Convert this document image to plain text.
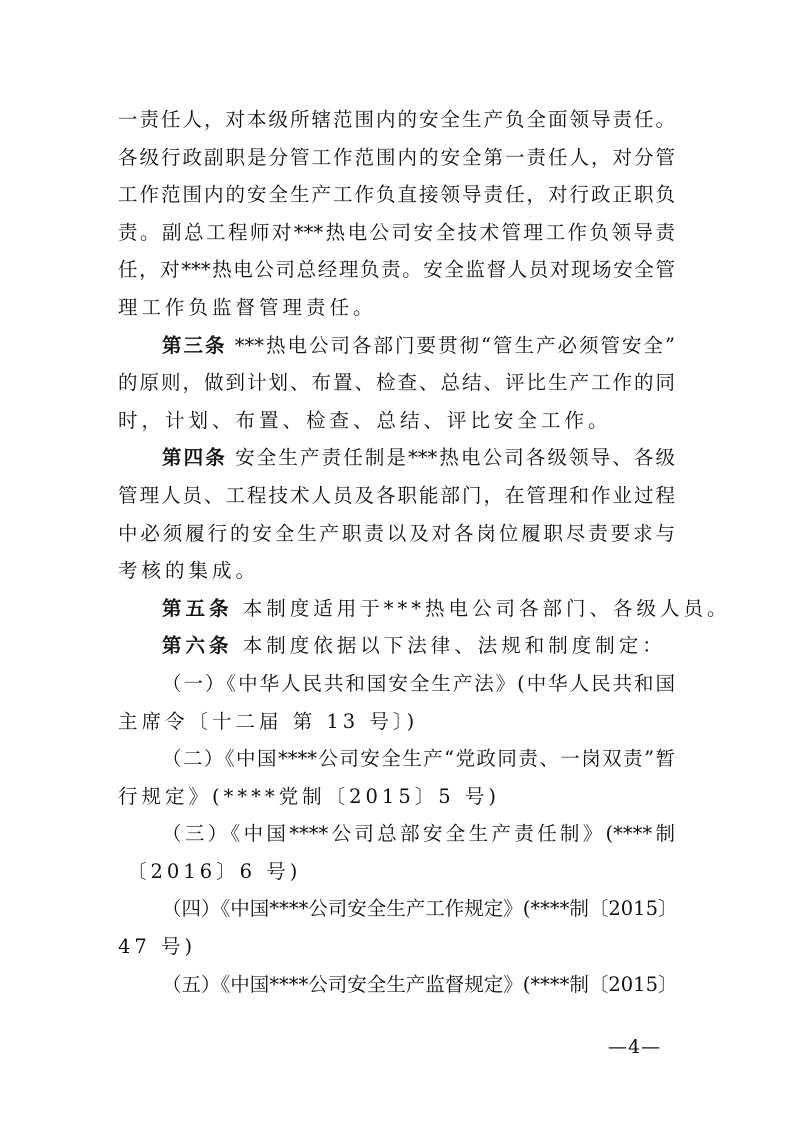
一责任人，对本级所辖范围内的安全生产负全面领导责任。
各级行政副职是分管工作范围内的安全第一责任人，对分管
工作范围内的安全生产工作负直接领导责任，对行政正职负
责。副总工程师对***热电公司安全技术管理工作负领导责
任，对***热电公司总经理负责。安全监督人员对现场安全管
理工作负监督管理责任。
第三条 ***热电公司各部门要贯彻“管生产必须管安全”
的原则，做到计划、布置、检查、总结、评比生产工作的同
时，计划、布置、检查、总结、评比安全工作。
第四条 安全生产责任制是***热电公司各级领导、各级
管理人员、工程技术人员及各职能部门，在管理和作业过程
中必须履行的安全生产职责以及对各岗位履职尽责要求与
考核的集成。
第五条 本制度适用于***热电公司各部门、各级人员。
第六条 本制度依据以下法律、法规和制度制定：
（一）《中华人民共和国安全生产法》(中华人民共和国
主席令〔十二届 第 13 号〕)
（二）《中国****公司安全生产“党政同责、一岗双责”暂
行规定》(****党制〔2015〕5 号)
（三）《中国****公司总部安全生产责任制》(****制
〔2016〕6 号)
（四）《中国****公司安全生产工作规定》(****制〔2015〕
47 号)
（五）《中国****公司安全生产监督规定》(****制〔2015〕
—4—
